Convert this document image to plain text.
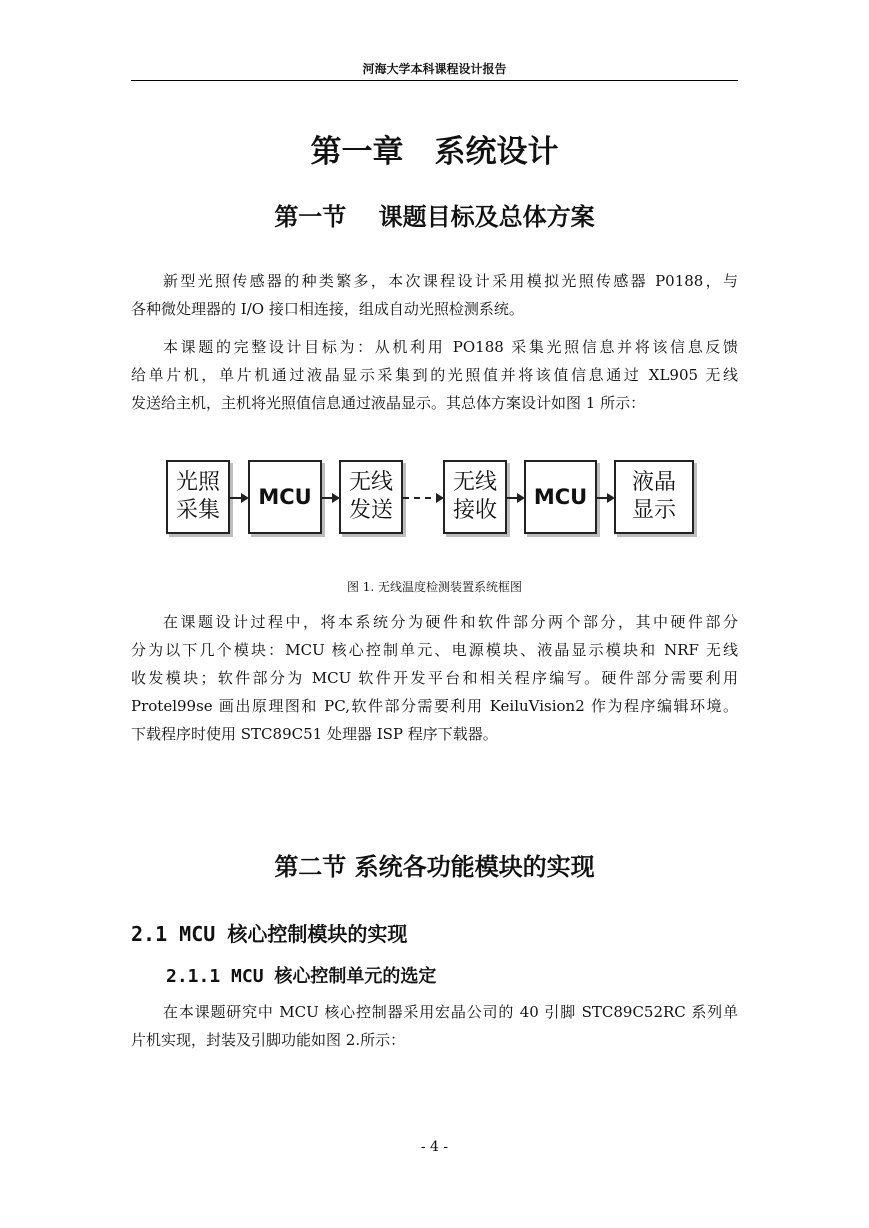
河海大学本科课程设计报告
第一章　系统设计
第一节　 课题目标及总体方案
新型光照传感器的种类繁多，本次课程设计采用模拟光照传感器 P0188，与
各种微处理器的 I/O 接口相连接，组成自动光照检测系统。
本课题的完整设计目标为：从机利用 PO188 采集光照信息并将该信息反馈
给单片机，单片机通过液晶显示采集到的光照值并将该值信息通过 XL905 无线
发送给主机，主机将光照值信息通过液晶显示。其总体方案设计如图 1 所示：
光照
采集
MCU
无线
发送
无线
接收
MCU
液晶
显示
图 1. 无线温度检测装置系统框图
在课题设计过程中，将本系统分为硬件和软件部分两个部分，其中硬件部分
分为以下几个模块：MCU 核心控制单元、电源模块、液晶显示模块和 NRF 无线
收发模块；软件部分为 MCU 软件开发平台和相关程序编写。硬件部分需要利用
Protel99se 画出原理图和 PC,软件部分需要利用 KeiluVision2 作为程序编辑环境。
下载程序时使用 STC89C51 处理器 ISP 程序下载器。
第二节 系统各功能模块的实现
2.1 MCU 核心控制模块的实现
2.1.1 MCU 核心控制单元的选定
在本课题研究中 MCU 核心控制器采用宏晶公司的 40 引脚 STC89C52RC 系列单
片机实现，封装及引脚功能如图 2.所示：
- 4 -
